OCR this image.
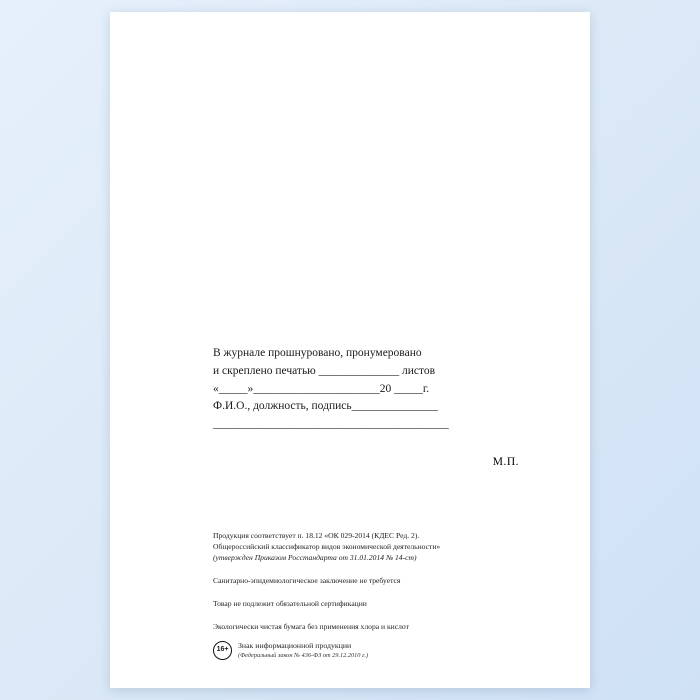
В журнале прошнуровано, пронумеровано
и скреплено печатью ______________ листов
«_____»______________________20 _____г.
Ф.И.О., должность, подпись_______________
_________________________________________
М.П.
Продукция соответствует п. 18.12 «ОК 029-2014 (КДЕС Ред. 2).
Общероссийский классификатор видов экономической деятельности»
(утвержден Приказом Росстандарта от 31.01.2014 № 14-ст)
Санитарно-эпидемиологическое заключение не требуется
Товар не подлежит обязательной сертификации
Экологически чистая бумага без применения хлора и кислот
16+	Знак информационной продукции
(Федеральный закон № 436-ФЗ от 29.12.2010 г.)
